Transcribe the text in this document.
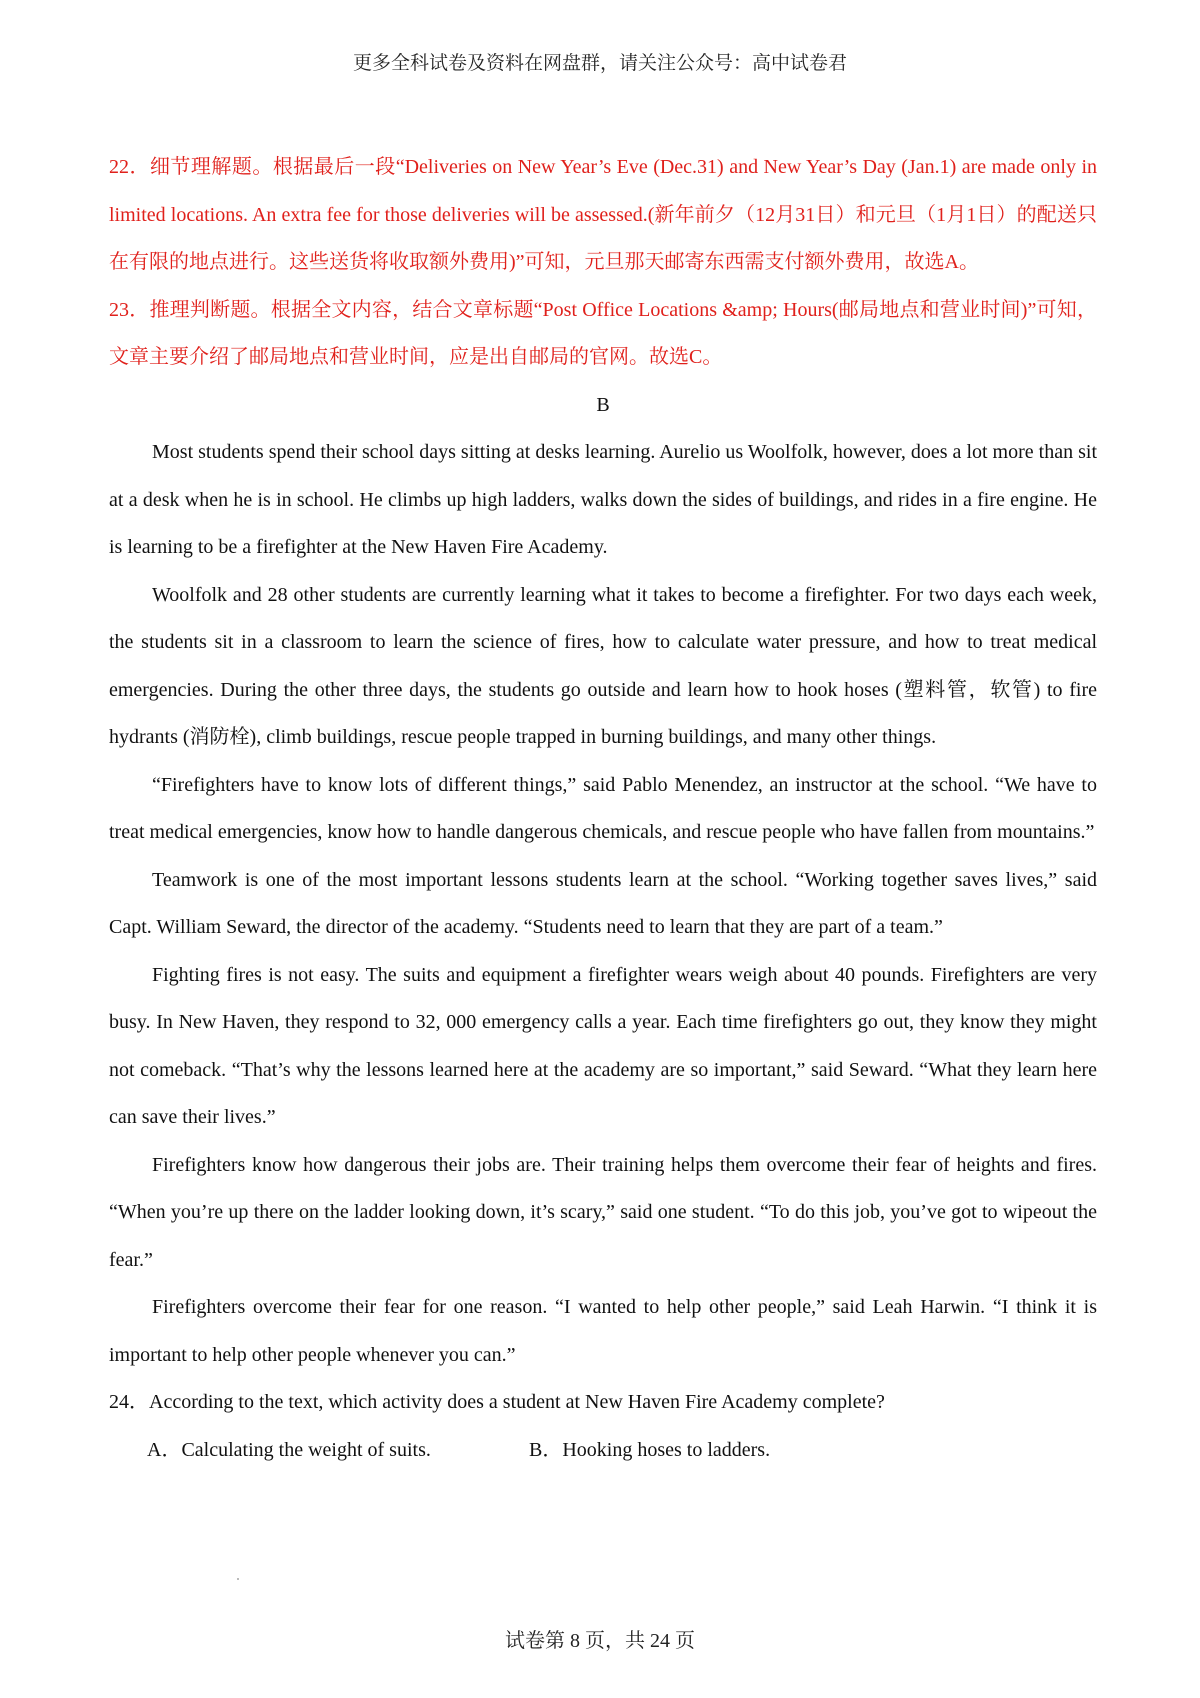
更多全科试卷及资料在网盘群，请关注公众号：高中试卷君

22．细节理解题。根据最后一段“Deliveries on New Year’s Eve (Dec.31) and New Year’s Day (Jan.1) are made only in limited locations. An extra fee for those deliveries will be assessed.(新年前夕（12月31日）和元旦（1月1日）的配送只在有限的地点进行。这些送货将收取额外费用)”可知，元旦那天邮寄东西需支付额外费用，故选A。

23．推理判断题。根据全文内容，结合文章标题“Post Office Locations &amp; Hours(邮局地点和营业时间)”可知，文章主要介绍了邮局地点和营业时间，应是出自邮局的官网。故选C。

B

Most students spend their school days sitting at desks learning. Aurelio us Woolfolk, however, does a lot more than sit at a desk when he is in school. He climbs up high ladders, walks down the sides of buildings, and rides in a fire engine. He is learning to be a firefighter at the New Haven Fire Academy.

Woolfolk and 28 other students are currently learning what it takes to become a firefighter. For two days each week, the students sit in a classroom to learn the science of fires, how to calculate water pressure, and how to treat medical emergencies. During the other three days, the students go outside and learn how to hook hoses (塑料管，软管) to fire hydrants (消防栓), climb buildings, rescue people trapped in burning buildings, and many other things.

“Firefighters have to know lots of different things,” said Pablo Menendez, an instructor at the school. “We have to treat medical emergencies, know how to handle dangerous chemicals, and rescue people who have fallen from mountains.”

Teamwork is one of the most important lessons students learn at the school. “Working together saves lives,” said Capt. William Seward, the director of the academy. “Students need to learn that they are part of a team.”

Fighting fires is not easy. The suits and equipment a firefighter wears weigh about 40 pounds. Firefighters are very busy. In New Haven, they respond to 32, 000 emergency calls a year. Each time firefighters go out, they know they might not comeback. “That’s why the lessons learned here at the academy are so important,” said Seward. “What they learn here can save their lives.”

Firefighters know how dangerous their jobs are. Their training helps them overcome their fear of heights and fires. “When you’re up there on the ladder looking down, it’s scary,” said one student. “To do this job, you’ve got to wipeout the fear.”

Firefighters overcome their fear for one reason. “I wanted to help other people,” said Leah Harwin. “I think it is important to help other people whenever you can.”

24．According to the text, which activity does a student at New Haven Fire Academy complete?

A．Calculating the weight of suits.	B．Hooking hoses to ladders.
试卷第 8 页，共 24 页
